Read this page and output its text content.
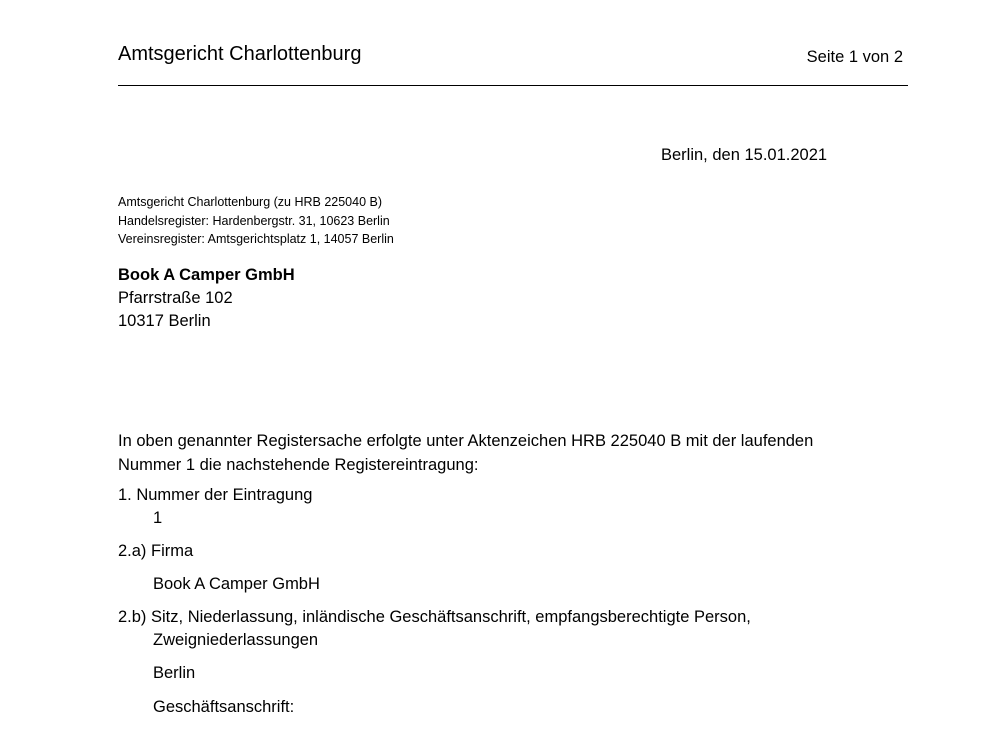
Amtsgericht Charlottenburg	Seite 1 von 2
Berlin, den 15.01.2021
Amtsgericht Charlottenburg (zu HRB 225040 B)
Handelsregister: Hardenbergstr. 31, 10623 Berlin
Vereinsregister: Amtsgerichtsplatz 1, 14057 Berlin
Book A Camper GmbH
Pfarrstraße 102
10317 Berlin
In oben genannter Registersache erfolgte unter Aktenzeichen HRB 225040 B mit der laufenden
Nummer 1 die nachstehende Registereintragung:
1. Nummer der Eintragung
1
2.a) Firma
Book A Camper GmbH
2.b) Sitz, Niederlassung, inländische Geschäftsanschrift, empfangsberechtigte Person,
Zweigniederlassungen
Berlin
Geschäftsanschrift:
